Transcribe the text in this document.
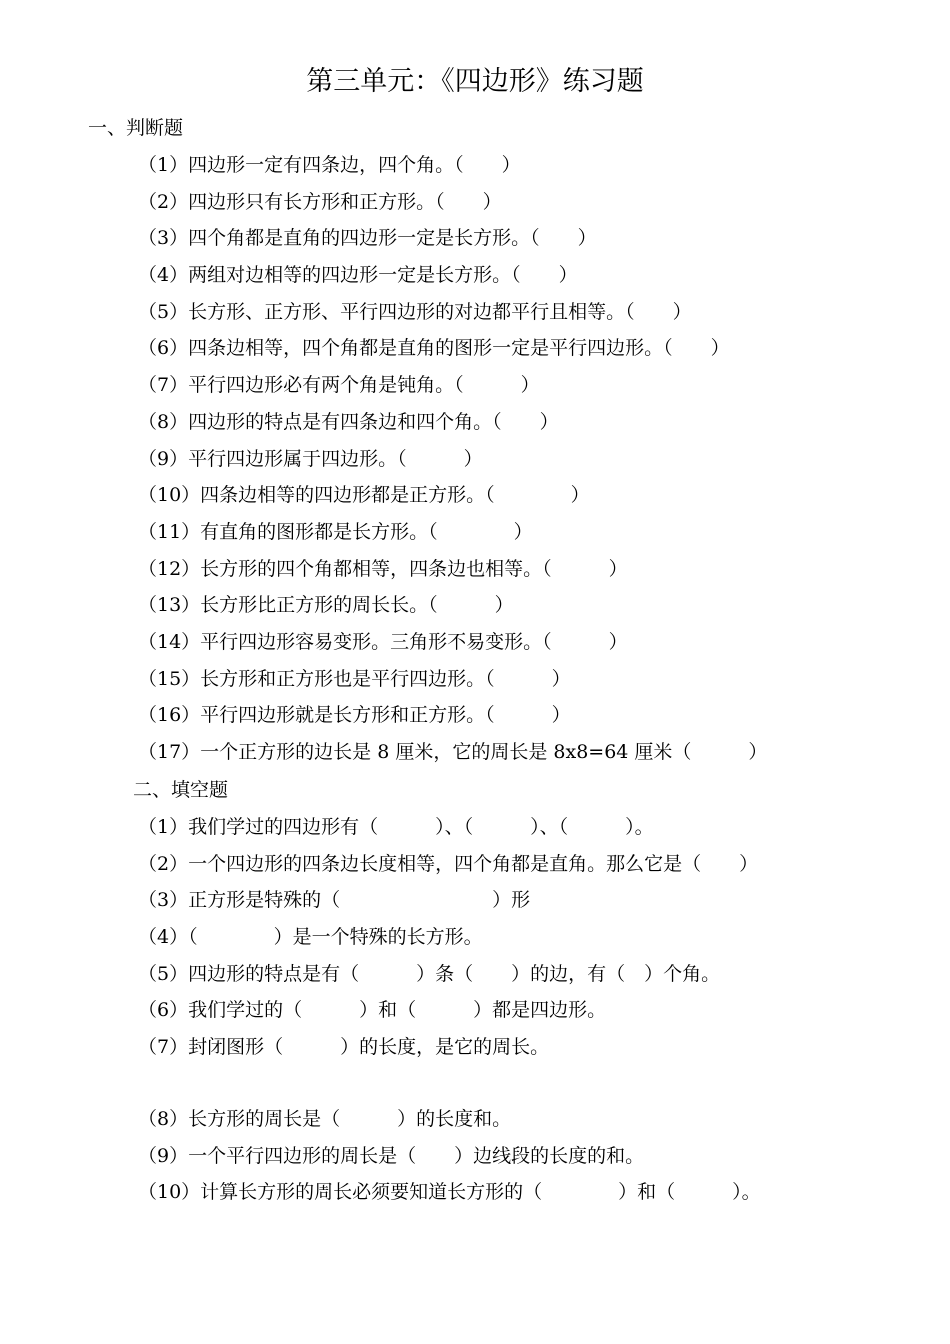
第三单元：《四边形》练习题
一、判断题
（1）四边形一定有四条边，四个角。（　　）
（2）四边形只有长方形和正方形。（　　）
（3）四个角都是直角的四边形一定是长方形。（　　）
（4）两组对边相等的四边形一定是长方形。（　　）
（5）长方形、正方形、平行四边形的对边都平行且相等。（　　）
（6）四条边相等，四个角都是直角的图形一定是平行四边形。（　　）
（7）平行四边形必有两个角是钝角。（　　　）
（8）四边形的特点是有四条边和四个角。（　　）
（9）平行四边形属于四边形。（　　　）
（10）四条边相等的四边形都是正方形。（　　　　）
（11）有直角的图形都是长方形。（　　　　）
（12）长方形的四个角都相等，四条边也相等。（　　　）
（13）长方形比正方形的周长长。（　　　）
（14）平行四边形容易变形。三角形不易变形。（　　　）
（15）长方形和正方形也是平行四边形。（　　　）
（16）平行四边形就是长方形和正方形。（　　　）
（17）一个正方形的边长是 8 厘米，它的周长是 8x8=64 厘米（　　　）
二、填空题
（1）我们学过的四边形有（　　　）、（　　　）、（　　　）。
（2）一个四边形的四条边长度相等，四个角都是直角。那么它是（　　）
（3）正方形是特殊的（　　　　　　　　）形
（4）（　　　　）是一个特殊的长方形。
（5）四边形的特点是有（　　　）条（　　）的边，有（　）个角。
（6）我们学过的（　　　）和（　　　）都是四边形。
（7）封闭图形（　　　）的长度，是它的周长。
（8）长方形的周长是（　　　）的长度和。
（9）一个平行四边形的周长是（　　）边线段的长度的和。
（10）计算长方形的周长必须要知道长方形的（　　　　）和（　　　）。
